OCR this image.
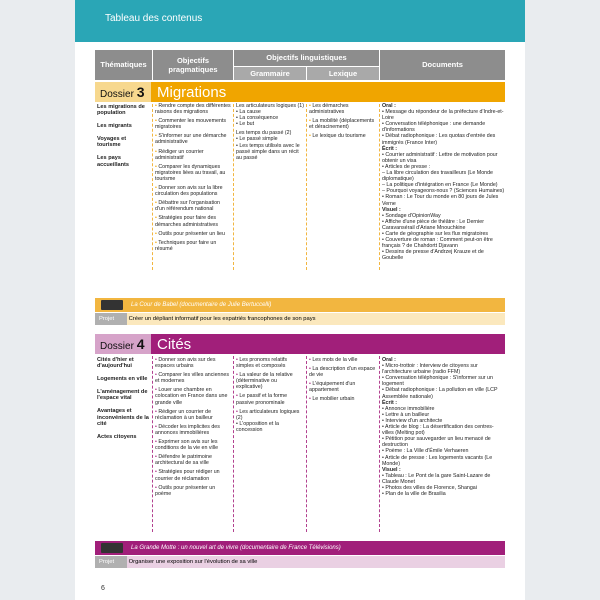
Tableau des contenus
Thématiques	Objectifs pragmatiques
Objectifs linguistiques
Grammaire	Lexique
Documents
Dossier 3 Migrations
Les migrations de population
Les migrants
Voyages et tourisme
Les pays accueillants
• Rendre compte des différentes raisons des migrations
• Commenter les mouvements migratoires
• S'informer sur une démarche administrative
• Rédiger un courrier administratif
• Comparer les dynamiques migratoires liées au travail, au tourisme
• Donner son avis sur la libre circulation des populations
• Débattre sur l'organisation d'un référendum national
• Stratégies pour faire des démarches administratives
• Outils pour présenter un lieu
• Techniques pour faire un résumé
Les articulateurs logiques (1)
• La cause
• La conséquence
• Le but
Les temps du passé (2)
• Le passé simple
• Les temps utilisés avec le passé simple dans un récit au passé
• Les démarches administratives
• La mobilité (déplacements et déracinement)
• Le lexique du tourisme
Oral :
• Message du répondeur de la préfecture d'Indre-et-Loire
• Conversation téléphonique : une demande d'informations
• Débat radiophonique : Les quotas d'entrée des immigrés (France Inter)
Écrit :
• Courrier administratif : Lettre de motivation pour obtenir un visa
• Articles de presse :
– La libre circulation des travailleurs (Le Monde diplomatique)
– La politique d'intégration en France (Le Monde)
– Pourquoi voyageons-nous ? (Sciences Humaines)
• Roman : Le Tour du monde en 80 jours de Jules Verne
Visuel :
• Sondage d'OpinionWay
• Affiche d'une pièce de théâtre : Le Dernier Caravansérail d'Ariane Mnouchkine
• Carte de géographie sur les flux migratoires
• Couverture de roman : Comment peut-on être français ? de Chahdortt Djavann
• Dessins de presse d'Andrzej Krauze et de Goubelle
La Cour de Babel (documentaire de Julie Bertuccelli)
Projet Créer un dépliant informatif pour les expatriés francophones de son pays
Dossier 4 Cités
Cités d'hier et d'aujourd'hui
Logements en ville
L'aménagement de l'espace vital
Avantages et inconvénients de la cité
Actes citoyens
• Donner son avis sur des espaces urbains
• Comparer les villes anciennes et modernes
• Louer une chambre en colocation en France dans une grande ville
• Rédiger un courrier de réclamation à un bailleur
• Décoder les implicites des annonces immobilières
• Exprimer son avis sur les conditions de la vie en ville
• Défendre le patrimoine architectural de sa ville
• Stratégies pour rédiger un courrier de réclamation
• Outils pour présenter un poème
• Les pronoms relatifs simples et composés
• La valeur de la relative (déterminative ou explicative)
• Le passif et la forme passive pronominale
• Les articulateurs logiques (2)
• L'opposition et la concession
• Les mots de la ville
• La description d'un espace de vie
• L'équipement d'un appartement
• Le mobilier urbain
Oral :
• Micro-trottoir : Interview de citoyens sur l'architecture urbaine (radio FFM)
• Conversation téléphonique : S'informer sur un logement
• Débat radiophonique : La pollution en ville (LCP Assemblée nationale)
Écrit :
• Annonce immobilière
• Lettre à un bailleur
• Interview d'un architecte
• Article de blog : La désertification des centres-villes (Melting pot)
• Pétition pour sauvegarder un lieu menacé de destruction
• Poème : La Ville d'Émile Verhaeren
• Article de presse : Les logements vacants (Le Monde)
Visuel :
• Tableau : Le Pont de la gare Saint-Lazare de Claude Monet
• Photos des villes de Florence, Shangai
• Plan de la ville de Brasilia
La Grande Motte : un nouvel art de vivre (documentaire de France Télévisions)
Projet Organiser une exposition sur l'évolution de sa ville
6
